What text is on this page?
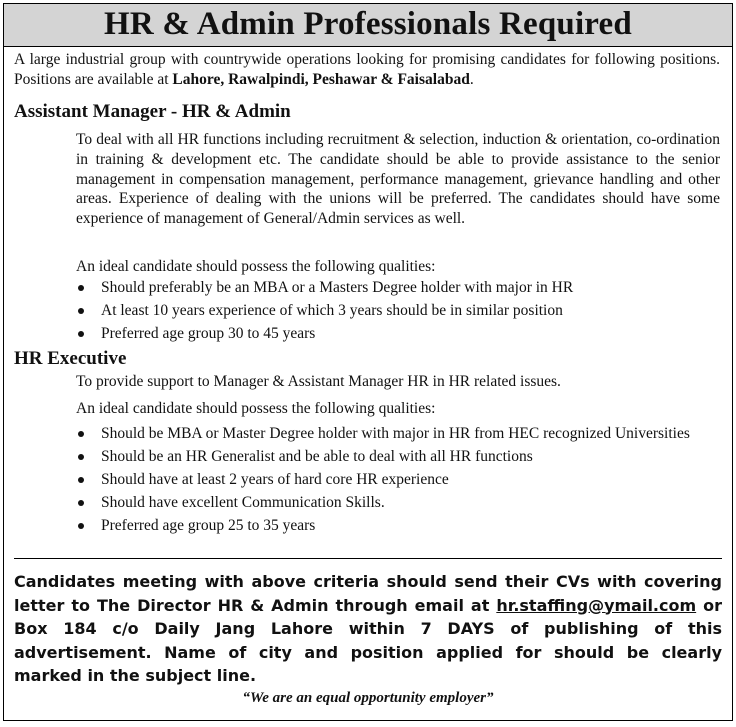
HR & Admin Professionals Required
A large industrial group with countrywide operations looking for promising candidates for following positions. Positions are available at Lahore, Rawalpindi, Peshawar & Faisalabad.
Assistant Manager - HR & Admin
To deal with all HR functions including recruitment & selection, induction & orientation, co-ordination in training & development etc. The candidate should be able to provide assistance to the senior management in compensation management, performance management, grievance handling and other areas. Experience of dealing with the unions will be preferred. The candidates should have some experience of management of General/Admin services as well.
An ideal candidate should possess the following qualities:
Should preferably be an MBA or a Masters Degree holder with major in HR
At least 10 years experience of which 3 years should be in similar position
Preferred age group 30 to 45 years
HR Executive
To provide support to Manager & Assistant Manager HR in HR related issues.
An ideal candidate should possess the following qualities:
Should be MBA or Master Degree holder with major in HR from HEC recognized Universities
Should be an HR Generalist and be able to deal with all HR functions
Should have at least 2 years of hard core HR experience
Should have excellent Communication Skills.
Preferred age group 25 to 35 years
Candidates meeting with above criteria should send their CVs with covering letter to The Director HR & Admin through email at hr.staffing@ymail.com or Box 184 c/o Daily Jang Lahore within 7 DAYS of publishing of this advertisement. Name of city and position applied for should be clearly marked in the subject line.
“We are an equal opportunity employer”
